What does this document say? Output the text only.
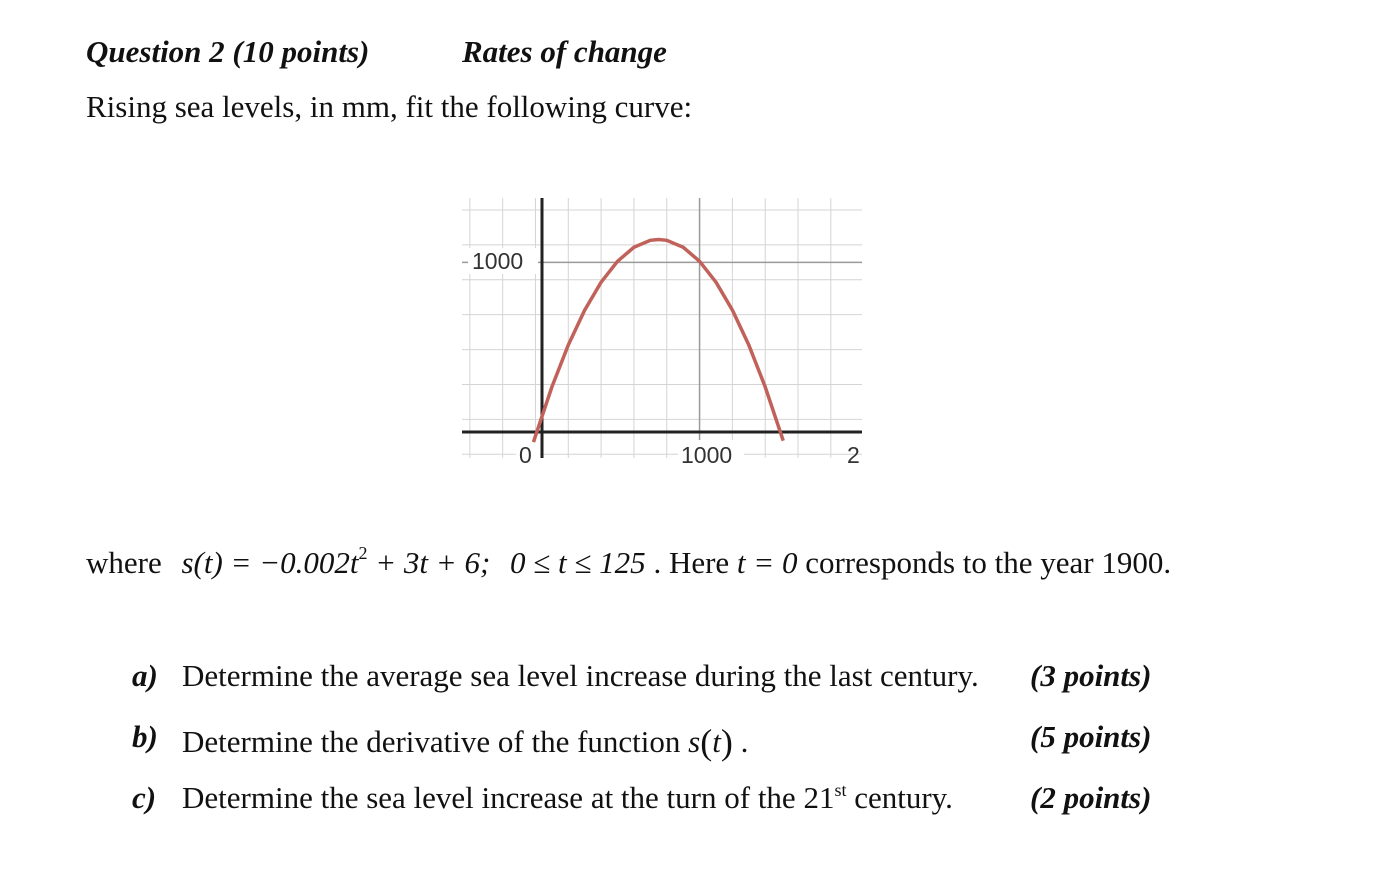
Question 2 (10 points)	Rates of change
Rising sea levels, in mm, fit the following curve:
1000
0	1000	2
where $s(t) = -0.002t^2 + 3t + 6$; 0 ≤ t ≤ 125 . Here t = 0 corresponds to the year 1900.
a) Determine the average sea level increase during the last century. (3 points)
b) Determine the derivative of the function s(t) .	(5 points)
c) Determine the sea level increase at the turn of the 21st century. (2 points)
